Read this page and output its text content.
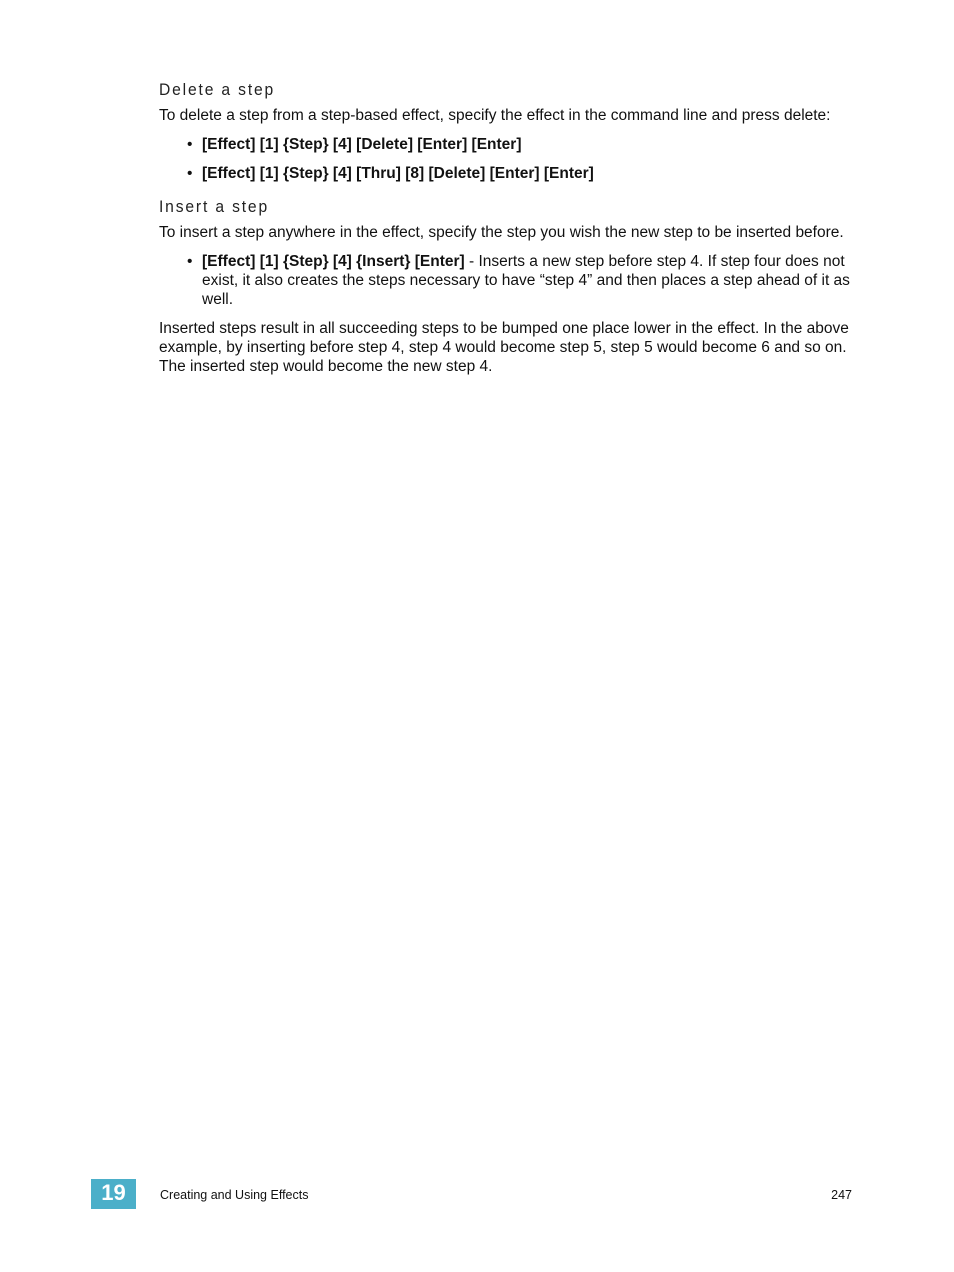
Delete a step

To delete a step from a step-based effect, specify the effect in the command line and press delete:

• [Effect] [1] {Step} [4] [Delete] [Enter] [Enter]
• [Effect] [1] {Step} [4] [Thru] [8] [Delete] [Enter] [Enter]
Insert a step

To insert a step anywhere in the effect, specify the step you wish the new step to be inserted before.

• [Effect] [1] {Step} [4] {Insert} [Enter] - Inserts a new step before step 4. If step four does not exist, it also creates the steps necessary to have “step 4” and then places a step ahead of it as well.

Inserted steps result in all succeeding steps to be bumped one place lower in the effect. In the above example, by inserting before step 4, step 4 would become step 5, step 5 would become 6 and so on. The inserted step would become the new step 4.

19	Creating and Using Effects	247
